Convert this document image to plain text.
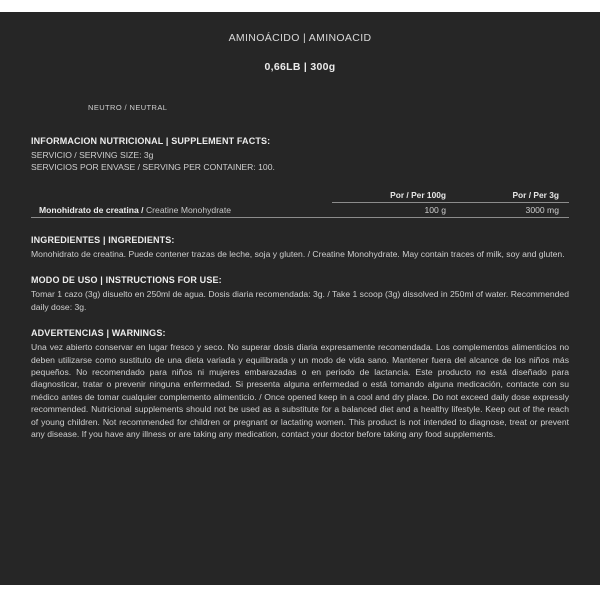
AMINOÁCIDO | AMINOACID
0,66LB | 300g
NEUTRO / NEUTRAL

INFORMACION NUTRICIONAL | SUPPLEMENT FACTS:

SERVICIO / SERVING SIZE: 3g

SERVICIOS POR ENVASE / SERVING PER CONTAINER: 100.

	Por / Per 100g	Por / Per 3g
Monohidrato de creatina / Creatine Monohydrate	100 g	3000 mg

INGREDIENTES | INGREDIENTS:

Monohidrato de creatina. Puede contener trazas de leche, soja y gluten. / Creatine Monohydrate. May contain traces of milk, soy and gluten.

MODO DE USO | INSTRUCTIONS FOR USE:

Tomar 1 cazo (3g) disuelto en 250ml de agua. Dosis diaria recomendada: 3g. / Take 1 scoop (3g) dissolved in 250ml of water. Recommended daily dose: 3g.

ADVERTENCIAS | WARNINGS:

Una vez abierto conservar en lugar fresco y seco. No superar dosis diaria expresamente recomendada. Los complementos alimenticios no deben utilizarse como sustituto de una dieta variada y equilibrada y un modo de vida sano. Mantener fuera del alcance de los niños más pequeños. No recomendado para niños ni mujeres embarazadas o en periodo de lactancia. Este producto no está diseñado para diagnosticar, tratar o prevenir ninguna enfermedad. Si presenta alguna enfermedad o está tomando alguna medicación, contacte con su médico antes de tomar cualquier complemento alimenticio. / Once opened keep in a cool and dry place. Do not exceed daily dose expressly recommended. Nutricional supplements should not be used as a substitute for a balanced diet and a healthy lifestyle. Keep out of the reach of young children. Not recommended for children or pregnant or lactating women. This product is not intended to diagnose, treat or prevent any disease. If you have any illness or are taking any medication, contact your doctor before taking any food supplements.
